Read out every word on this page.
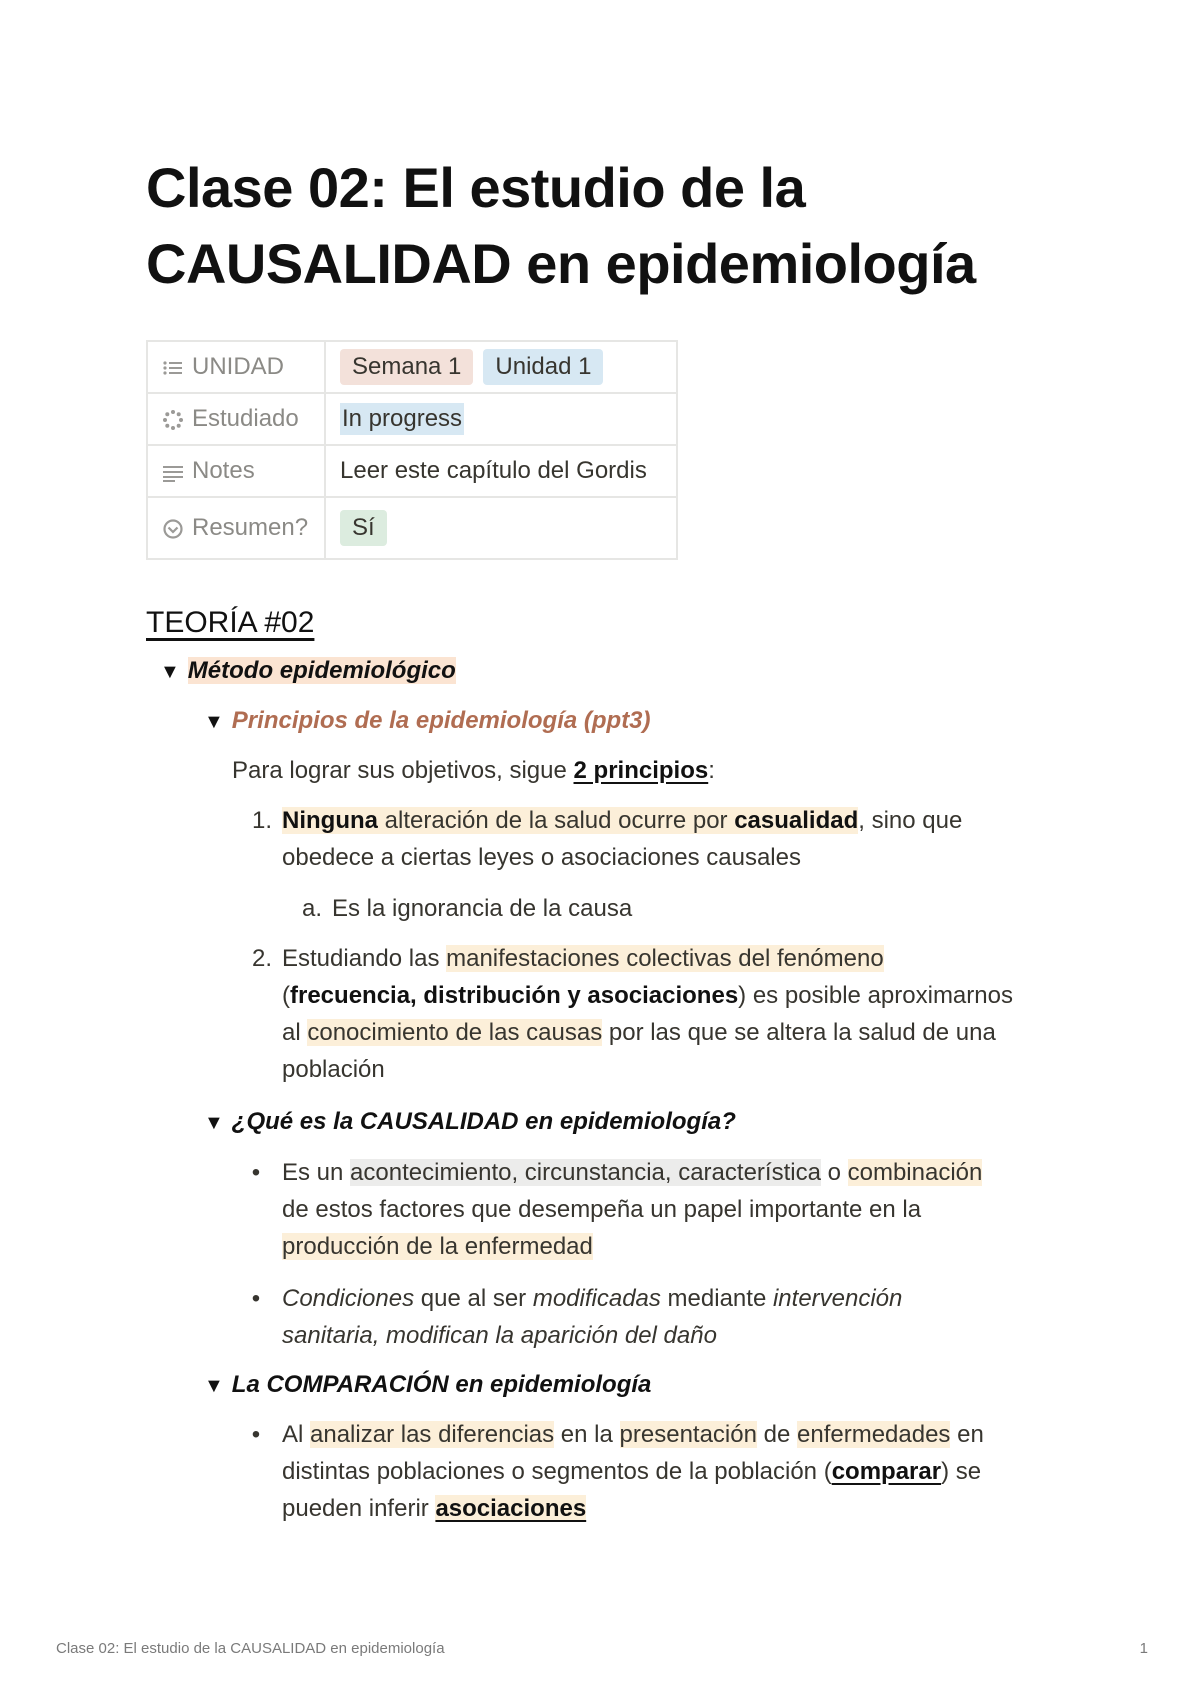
Clase 02: El estudio de la
CAUSALIDAD en epidemiología
UNIDAD	Semana 1 Unidad 1
Estudiado	In progress
Notes	Leer este capítulo del Gordis
Resumen?	Sí
TEORÍA #02
▼ Método epidemiológico
▼ Principios de la epidemiología (ppt3)
Para lograr sus objetivos, sigue 2 principios:
1. Ninguna alteración de la salud ocurre por casualidad, sino que
obedece a ciertas leyes o asociaciones causales
a. Es la ignorancia de la causa
2. Estudiando las manifestaciones colectivas del fenómeno
(frecuencia, distribución y asociaciones) es posible aproximarnos
al conocimiento de las causas por las que se altera la salud de una
población
▼ ¿Qué es la CAUSALIDAD en epidemiología?
• Es un acontecimiento, circunstancia, característica o combinación
de estos factores que desempeña un papel importante en la
producción de la enfermedad
• Condiciones que al ser modificadas mediante intervención
sanitaria, modifican la aparición del daño
▼ La COMPARACIÓN en epidemiología
• Al analizar las diferencias en la presentación de enfermedades en
distintas poblaciones o segmentos de la población (comparar) se
pueden inferir asociaciones
Clase 02: El estudio de la CAUSALIDAD en epidemiología	1
